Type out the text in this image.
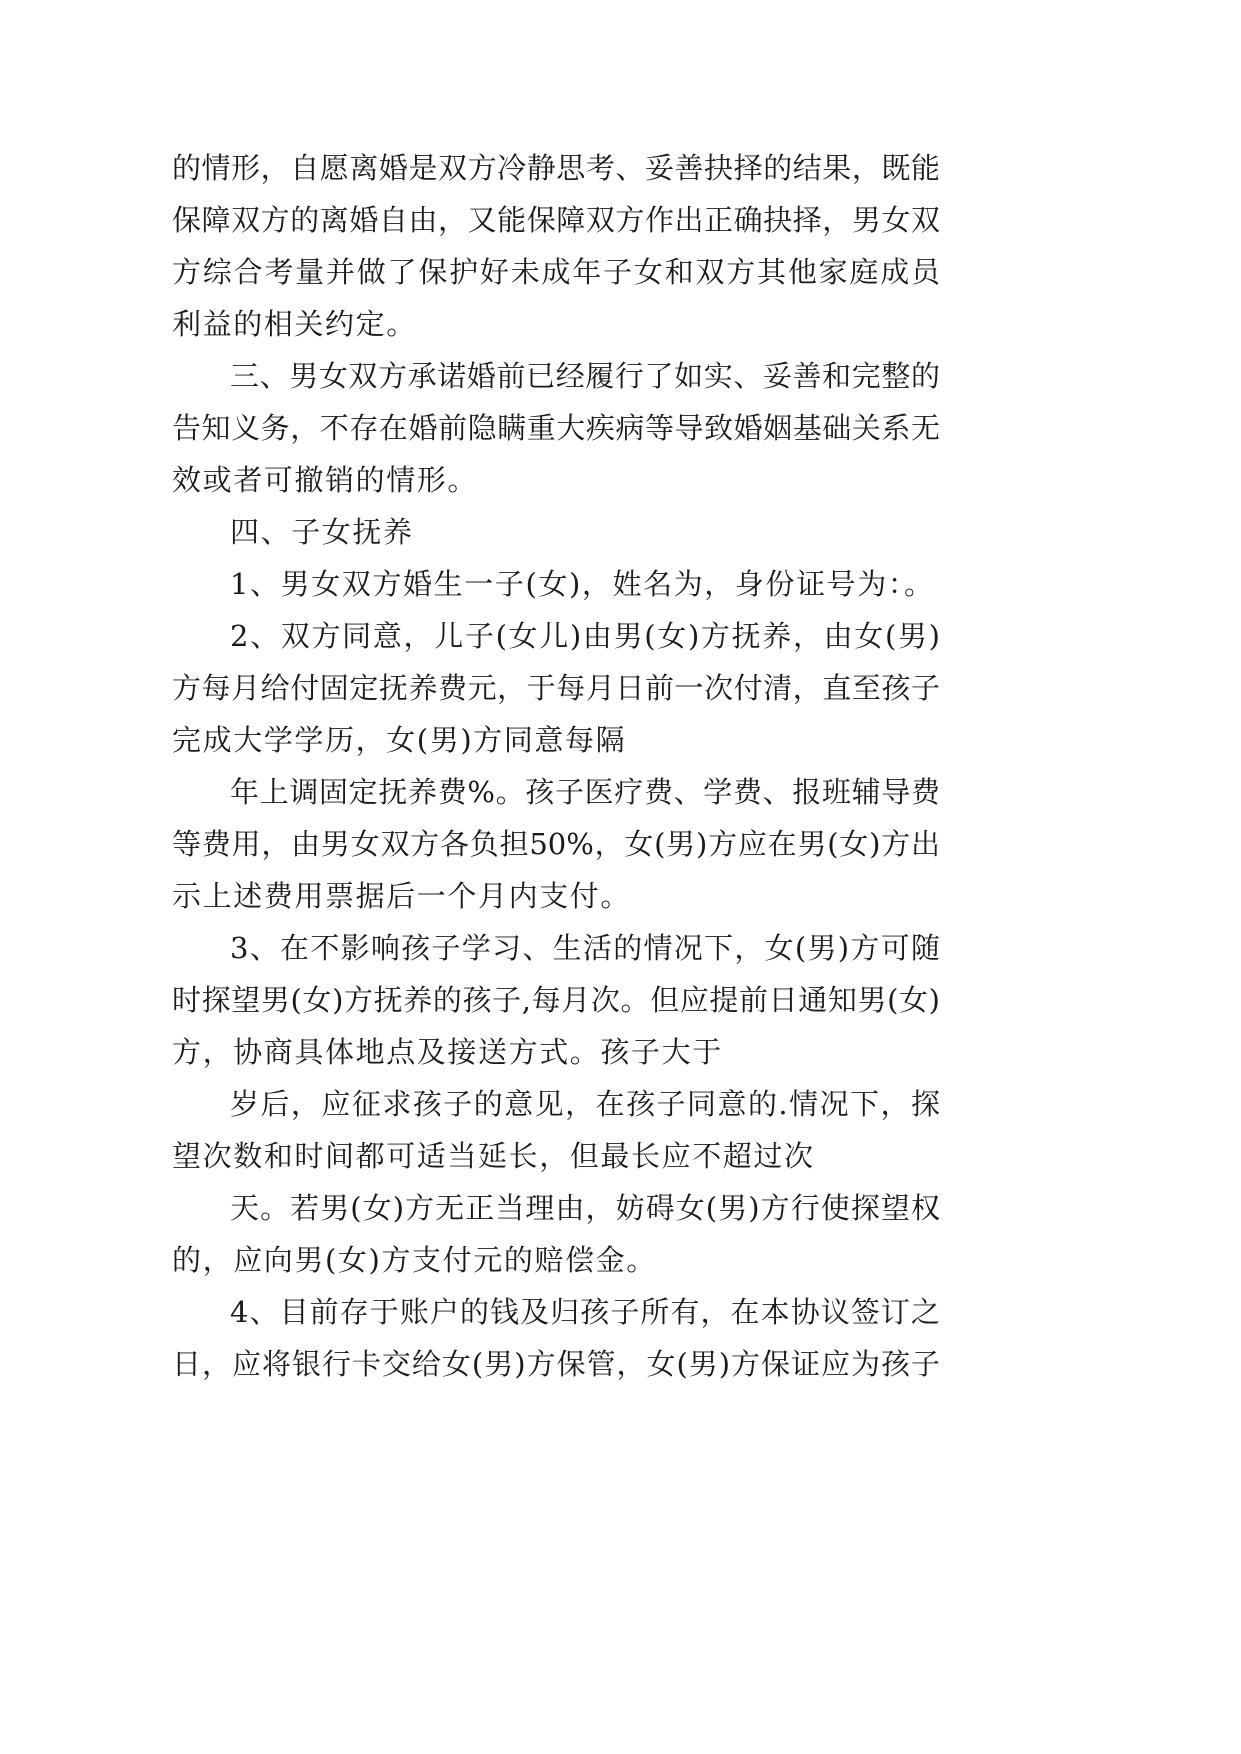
的情形，自愿离婚是双方冷静思考、妥善抉择的结果，既能
保障双方的离婚自由，又能保障双方作出正确抉择，男女双
方综合考量并做了保护好未成年子女和双方其他家庭成员
利益的相关约定。
三、男女双方承诺婚前已经履行了如实、妥善和完整的
告知义务，不存在婚前隐瞒重大疾病等导致婚姻基础关系无
效或者可撤销的情形。
四、子女抚养
1、男女双方婚生一子(女)，姓名为，身份证号为：。
2、双方同意，儿子(女儿)由男(女)方抚养，由女(男)
方每月给付固定抚养费元，于每月日前一次付清，直至孩子
完成大学学历，女(男)方同意每隔
年上调固定抚养费%。孩子医疗费、学费、报班辅导费
等费用，由男女双方各负担50%，女(男)方应在男(女)方出
示上述费用票据后一个月内支付。
3、在不影响孩子学习、生活的情况下，女(男)方可随
时探望男(女)方抚养的孩子,每月次。但应提前日通知男(女)
方，协商具体地点及接送方式。孩子大于
岁后，应征求孩子的意见，在孩子同意的.情况下，探
望次数和时间都可适当延长，但最长应不超过次
天。若男(女)方无正当理由，妨碍女(男)方行使探望权
的，应向男(女)方支付元的赔偿金。
4、目前存于账户的钱及归孩子所有，在本协议签订之
日，应将银行卡交给女(男)方保管，女(男)方保证应为孩子
